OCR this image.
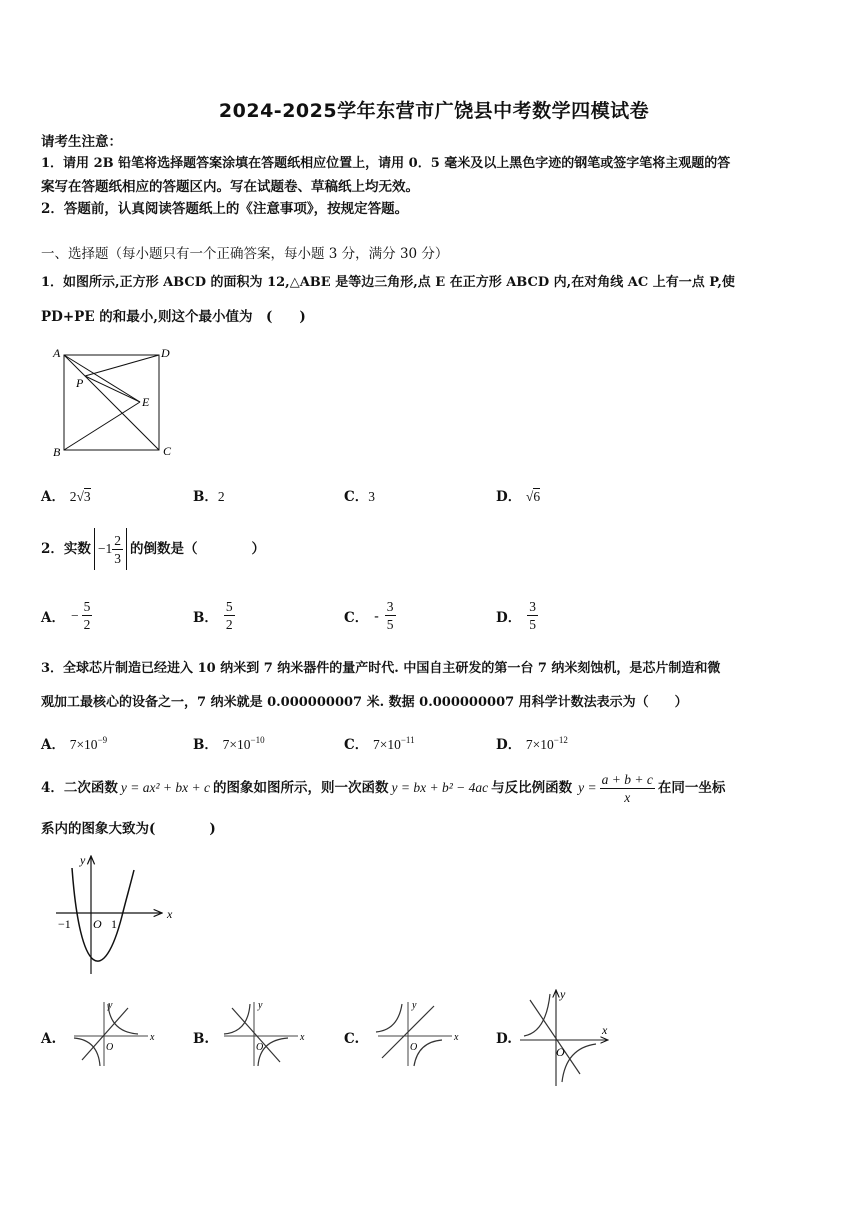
2024-2025学年东营市广饶县中考数学四模试卷
请考生注意：
1．请用 2B 铅笔将选择题答案涂填在答题纸相应位置上，请用 0．5 毫米及以上黑色字迹的钢笔或签字笔将主观题的答
案写在答题纸相应的答题区内。写在试题卷、草稿纸上均无效。
2．答题前，认真阅读答题纸上的《注意事项》，按规定答题。
一、选择题（每小题只有一个正确答案，每小题 3 分，满分 30 分）
1．如图所示,正方形 ABCD 的面积为 12,△ABE 是等边三角形,点 E 在正方形 ABCD 内,在对角线 AC 上有一点 P,使
PD+PE 的和最小,则这个最小值为　(　　)
A	D
B	C
E
P
A． 2√3	B．2	C．3	D． √6
2．实数 $-1 \frac{2}{3}$ 的倒数是（　　　　）
A． − $\frac{5}{2}$	B． $\frac{5}{2}$	C． - $\frac{3}{5}$	D． $\frac{3}{5}$
3．全球芯片制造已经进入 10 纳米到 7 纳米器件的量产时代. 中国自主研发的第一台 7 纳米刻蚀机，是芯片制造和微
观加工最核心的设备之一，7 纳米就是 0.000000007 米. 数据 0.000000007 用科学计数法表示为（　　）
A． $7\times 10^{-9}$	B． $7\times 10^{-10}$	C． $7\times 10^{-11}$	D． $7\times 10^{-12}$
4．二次函数 y = ax² + bx + c 的图象如图所示，则一次函数 y = bx + b² − 4ac 与反比例函数 $y = \frac{a + b + c}{x}$ 在同一坐标
系内的图象大致为(　　　　)
y
x
−1 O 1
A.
y
x
O
B.
y
x
O
C.
y
x
O
D.
y
x
O
